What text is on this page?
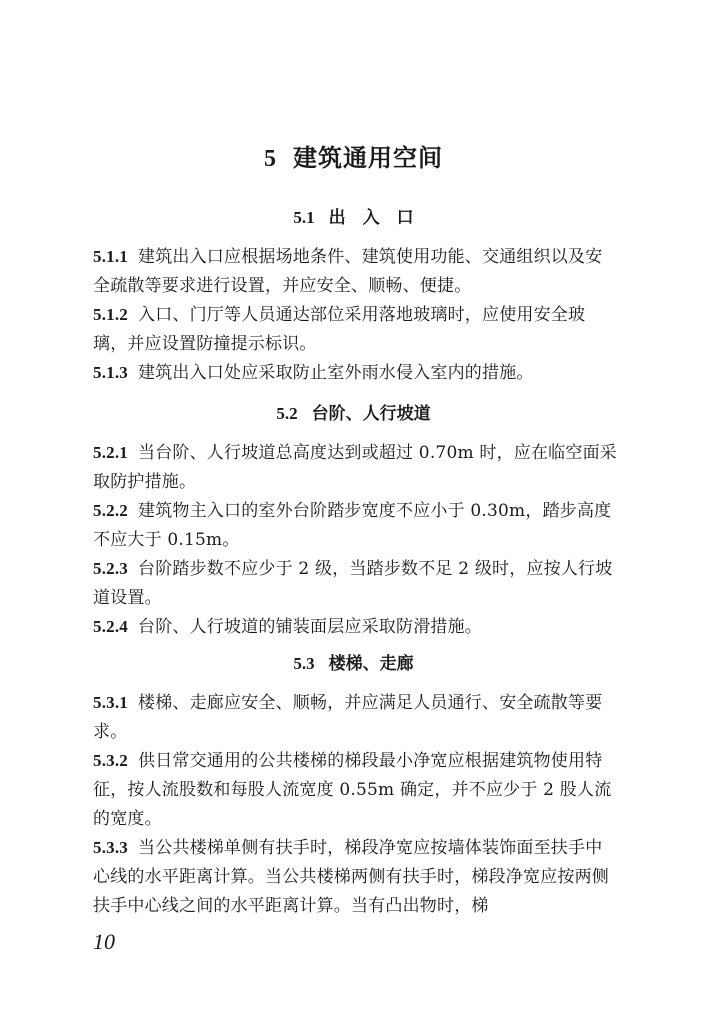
5 建筑通用空间
5.1 出　入　口

5.1.1 建筑出入口应根据场地条件、建筑使用功能、交通组织以及安全疏散等要求进行设置，并应安全、顺畅、便捷。

5.1.2 入口、门厅等人员通达部位采用落地玻璃时，应使用安全玻璃，并应设置防撞提示标识。

5.1.3 建筑出入口处应采取防止室外雨水侵入室内的措施。

5.2 台阶、人行坡道

5.2.1 当台阶、人行坡道总高度达到或超过 0.70m 时，应在临空面采取防护措施。

5.2.2 建筑物主入口的室外台阶踏步宽度不应小于 0.30m，踏步高度不应大于 0.15m。

5.2.3 台阶踏步数不应少于 2 级，当踏步数不足 2 级时，应按人行坡道设置。

5.2.4 台阶、人行坡道的铺装面层应采取防滑措施。

5.3 楼梯、走廊

5.3.1 楼梯、走廊应安全、顺畅，并应满足人员通行、安全疏散等要求。

5.3.2 供日常交通用的公共楼梯的梯段最小净宽应根据建筑物使用特征，按人流股数和每股人流宽度 0.55m 确定，并不应少于 2 股人流的宽度。

5.3.3 当公共楼梯单侧有扶手时，梯段净宽应按墙体装饰面至扶手中心线的水平距离计算。当公共楼梯两侧有扶手时，梯段净宽应按两侧扶手中心线之间的水平距离计算。当有凸出物时，梯

10
